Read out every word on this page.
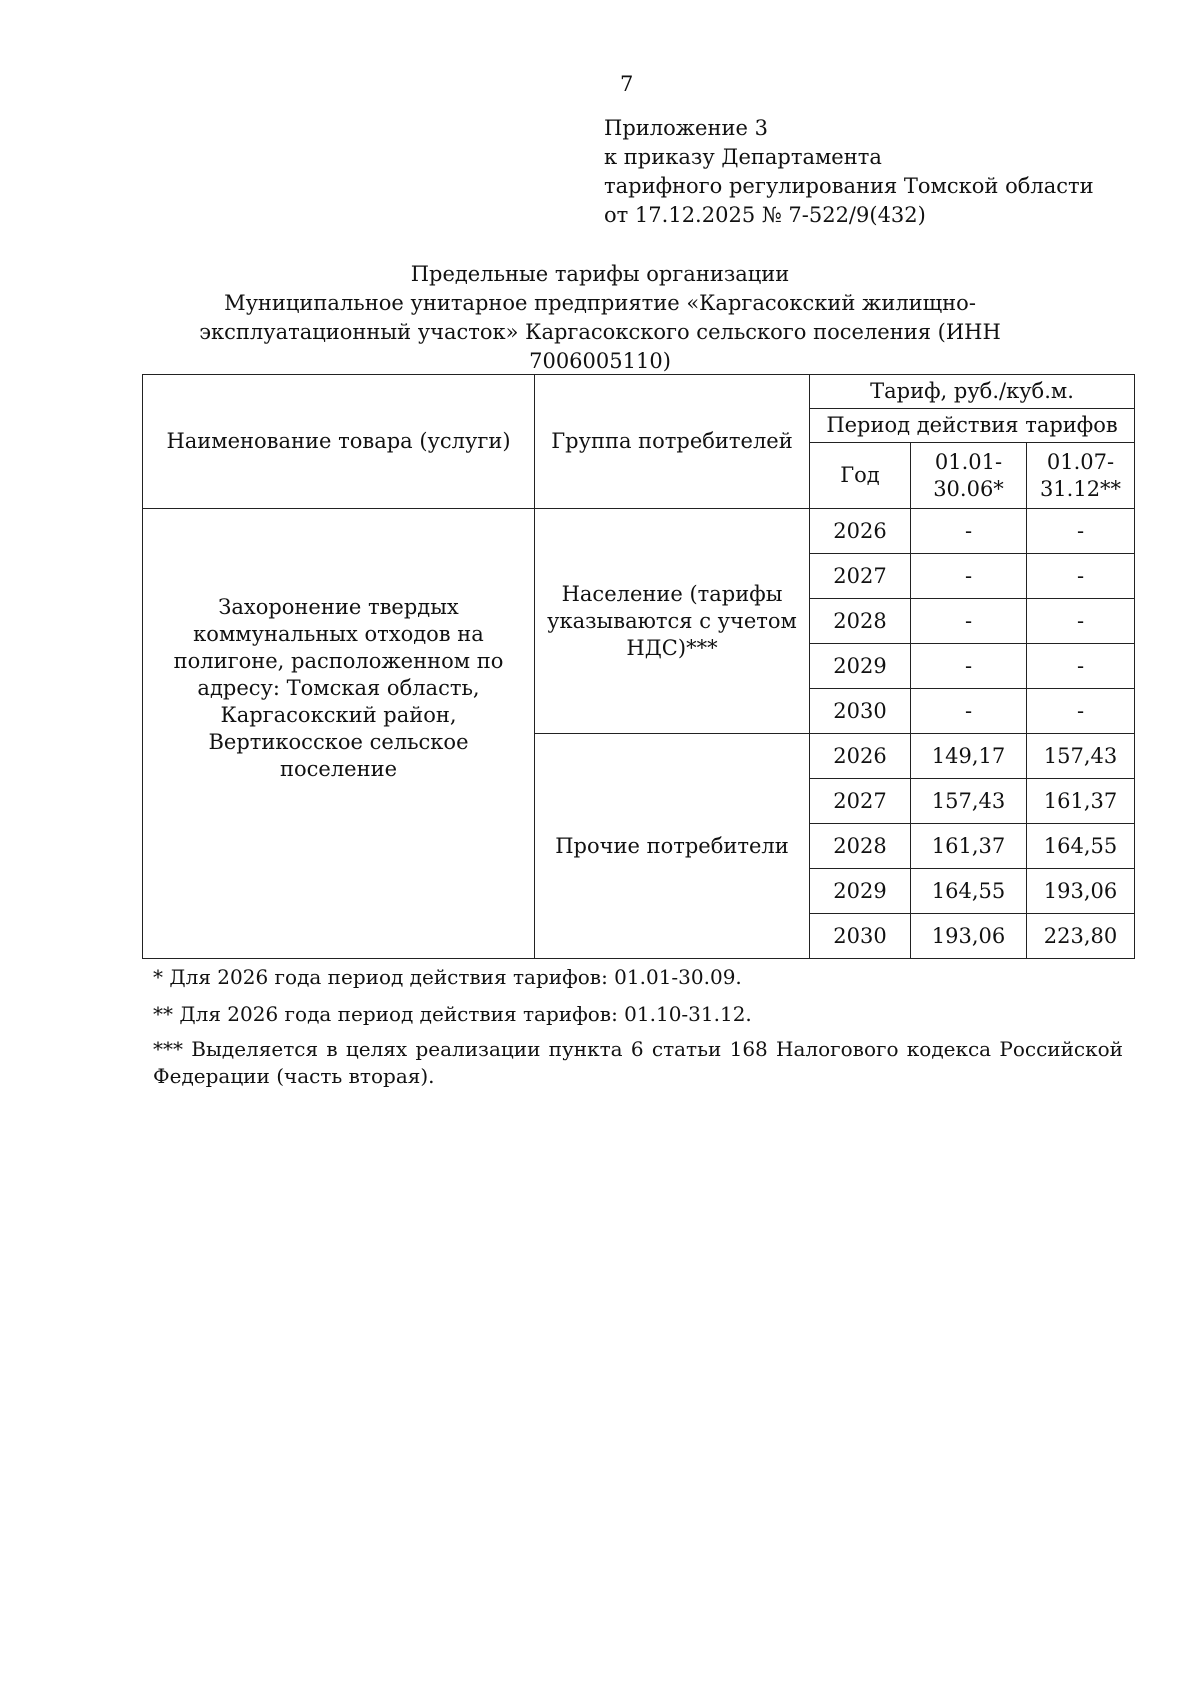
7
Приложение 3
к приказу Департамента
тарифного регулирования Томской области
от 17.12.2025 № 7-522/9(432)
Предельные тарифы организации
Муниципальное унитарное предприятие «Каргасокский жилищно-эксплуатационный участок» Каргасокского сельского поселения (ИНН 7006005110)
Наименование товара (услуги)	Группа потребителей	Тариф, руб./куб.м.		
		Период действия тарифов		
		Год	01.01-30.06*	01.07-31.12**
Захоронение твердых коммунальных отходов на полигоне, расположенном по адресу: Томская область, Каргасокский район, Вертикосское сельское поселение	Население (тарифы указываются с учетом НДС)***	2026	-	-
		2027	-	-
		2028	-	-
		2029	-	-
		2030	-	-
	Прочие потребители	2026	149,17	157,43
		2027	157,43	161,37
		2028	161,37	164,55
		2029	164,55	193,06
		2030	193,06	223,80

* Для 2026 года период действия тарифов: 01.01-30.09.

** Для 2026 года период действия тарифов: 01.10-31.12.

*** Выделяется в целях реализации пункта 6 статьи 168 Налогового кодекса Российской Федерации (часть вторая).
